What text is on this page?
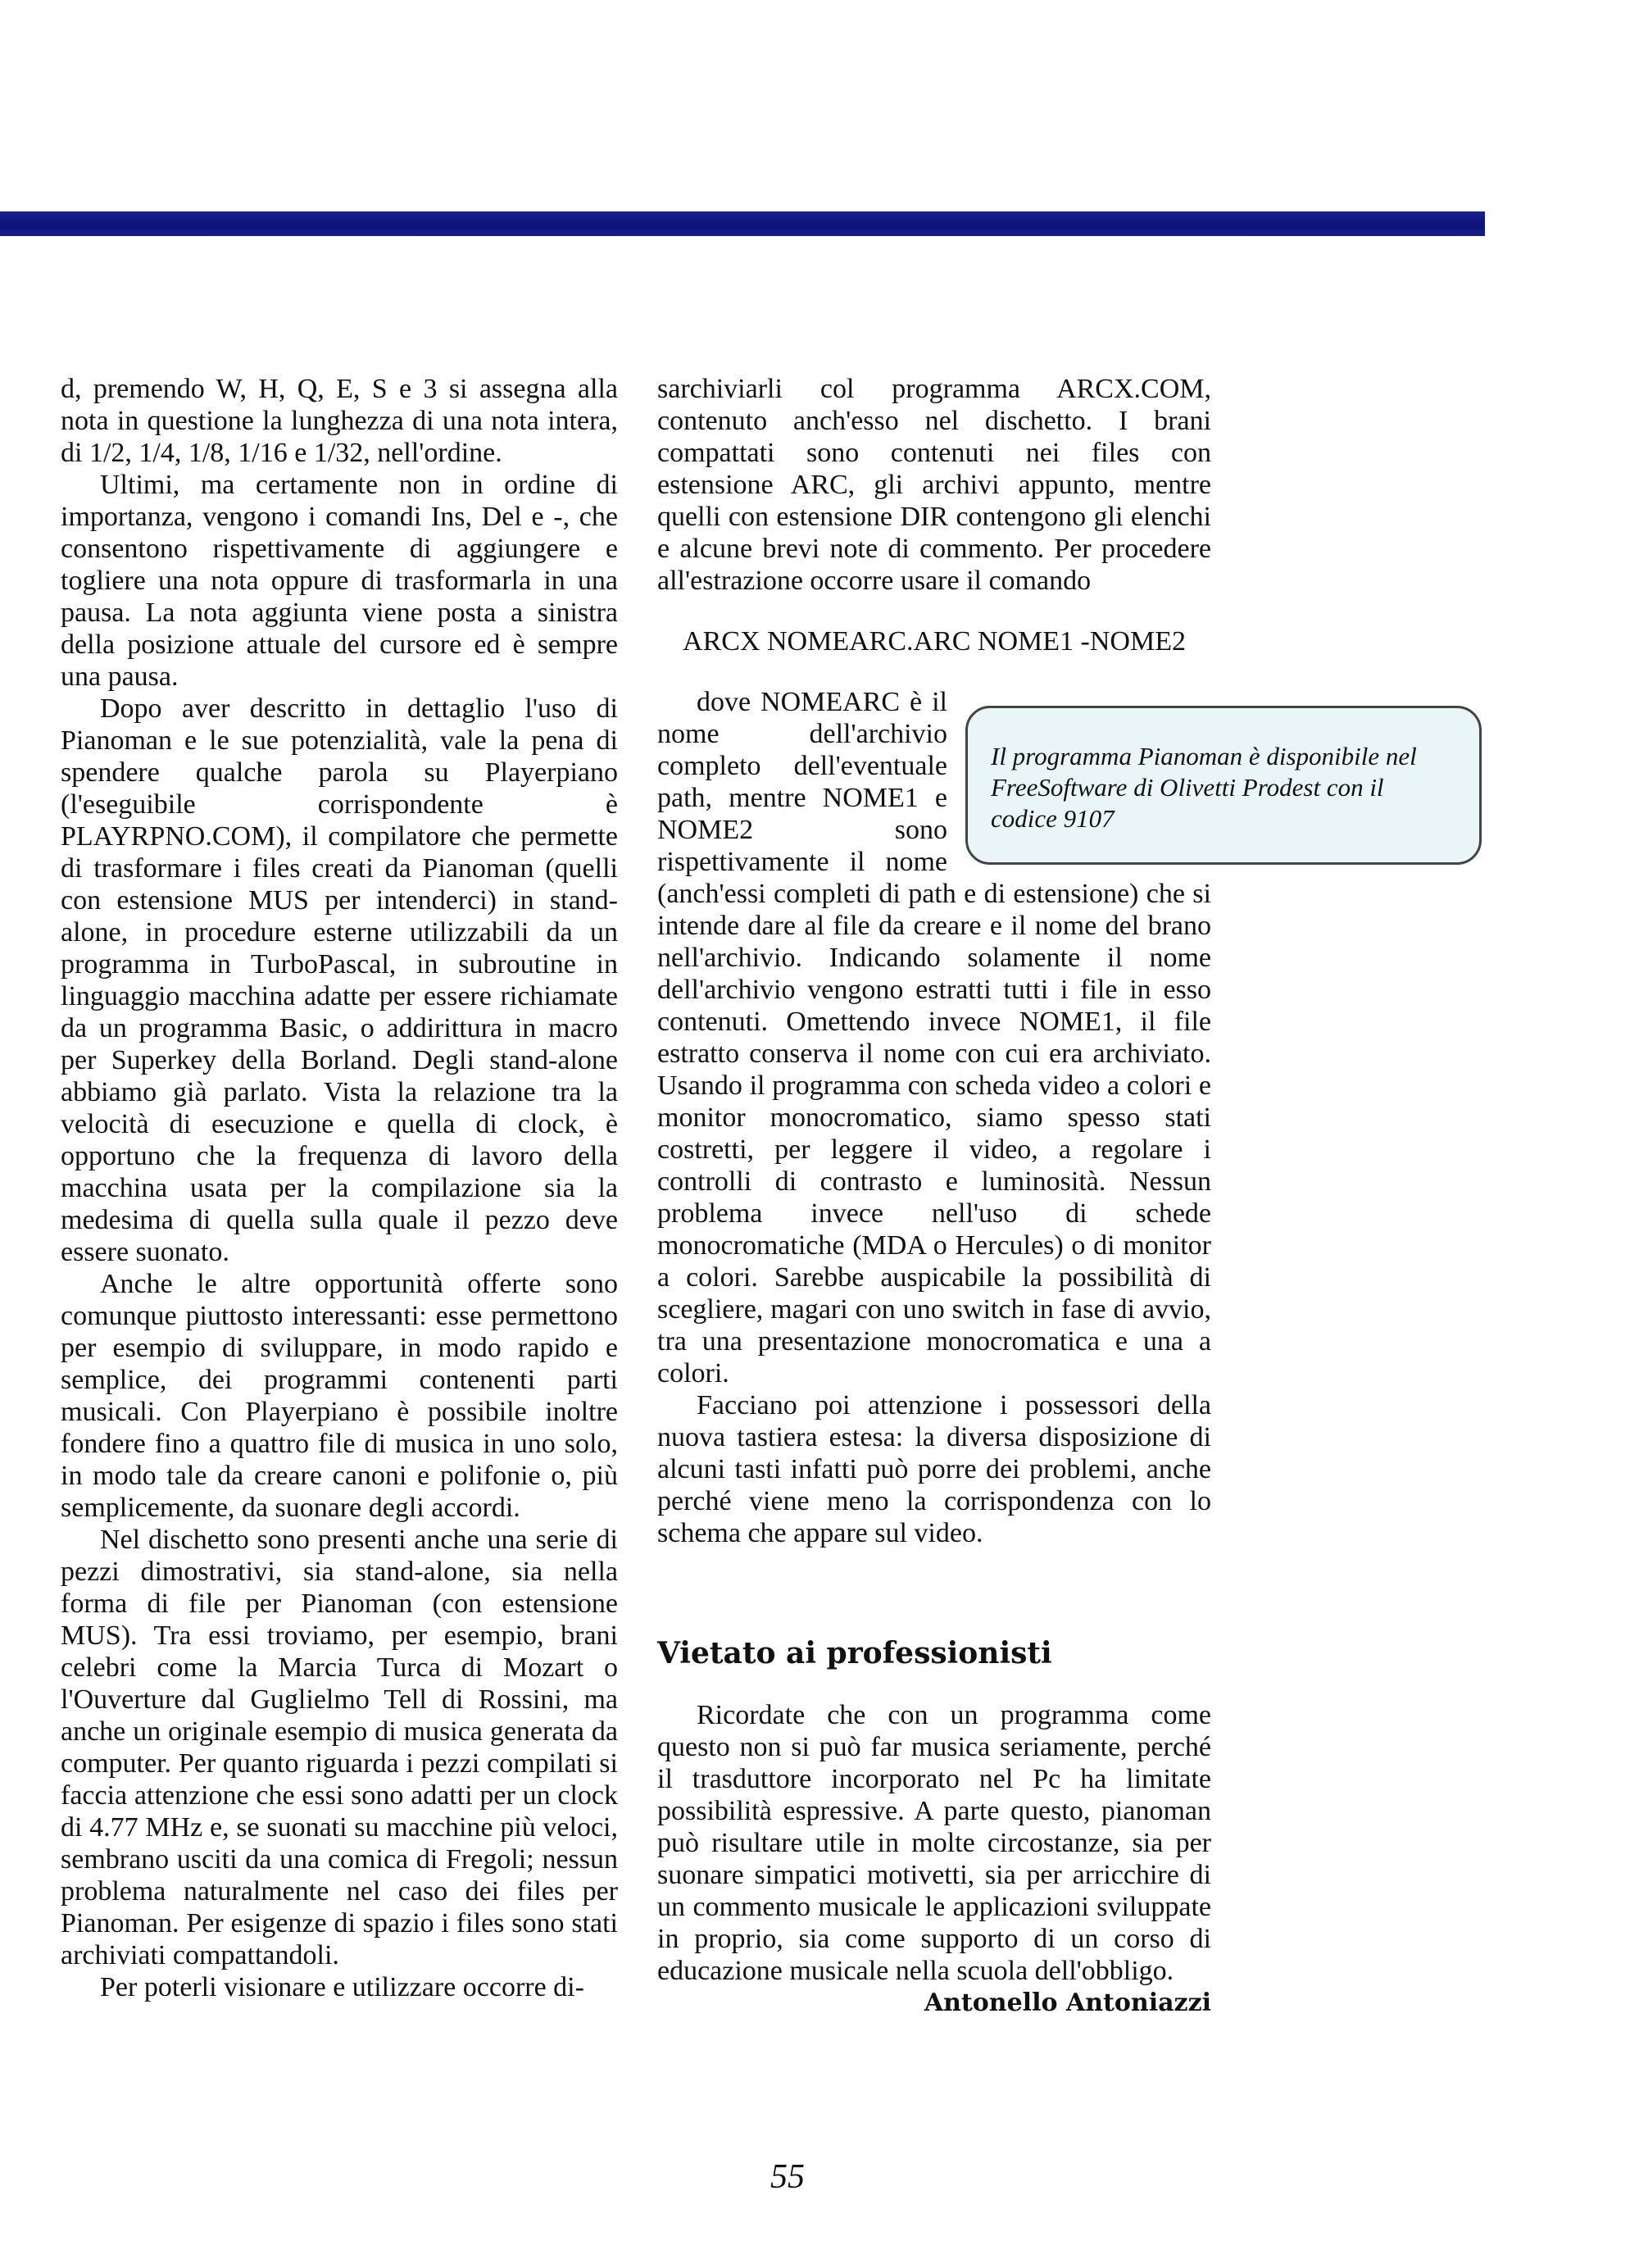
d, premendo W, H, Q, E, S e 3 si assegna alla nota in questione la lunghezza di una nota intera, di 1/2, 1/4, 1/8, 1/16 e 1/32, nell'ordine.

Ultimi, ma certamente non in ordine di importanza, vengono i comandi Ins, Del e -, che consentono rispettivamente di aggiungere e togliere una nota oppure di trasformarla in una pausa. La nota aggiunta viene posta a sinistra della posizione attuale del cursore ed è sempre una pausa.

Dopo aver descritto in dettaglio l'uso di Pianoman e le sue potenzialità, vale la pena di spendere qualche parola su Playerpiano (l'eseguibile corrispondente è PLAYRPNO.COM), il compilatore che permette di trasformare i files creati da Pianoman (quelli con estensione MUS per intenderci) in stand-alone, in procedure esterne utilizzabili da un programma in TurboPascal, in subroutine in linguaggio macchina adatte per essere richiamate da un programma Basic, o addirittura in macro per Superkey della Borland. Degli stand-alone abbiamo già parlato. Vista la relazione tra la velocità di esecuzione e quella di clock, è opportuno che la frequenza di lavoro della macchina usata per la compilazione sia la medesima di quella sulla quale il pezzo deve essere suonato.

Anche le altre opportunità offerte sono comunque piuttosto interessanti: esse permettono per esempio di sviluppare, in modo rapido e semplice, dei programmi contenenti parti musicali. Con Playerpiano è possibile inoltre fondere fino a quattro file di musica in uno solo, in modo tale da creare canoni e polifonie o, più semplicemente, da suonare degli accordi.

Nel dischetto sono presenti anche una serie di pezzi dimostrativi, sia stand-alone, sia nella forma di file per Pianoman (con estensione MUS). Tra essi troviamo, per esempio, brani celebri come la Marcia Turca di Mozart o l'Ouverture dal Guglielmo Tell di Rossini, ma anche un originale esempio di musica generata da computer. Per quanto riguarda i pezzi compilati si faccia attenzione che essi sono adatti per un clock di 4.77 MHz e, se suonati su macchine più veloci, sembrano usciti da una comica di Fregoli; nessun problema naturalmente nel caso dei files per Pianoman. Per esigenze di spazio i files sono stati archiviati compattandoli.

Per poterli visionare e utilizzare occorre di-

sarchiviarli col programma ARCX.COM, contenuto anch'esso nel dischetto. I brani compattati sono contenuti nei files con estensione ARC, gli archivi appunto, mentre quelli con estensione DIR contengono gli elenchi e alcune brevi note di commento. Per procedere all'estrazione occorre usare il comando

ARCX NOMEARC.ARC NOME1 -NOME2

Il programma Pianoman è disponibile nel FreeSoftware di Olivetti Prodest con il codice 9107

dove NOMEARC è il nome dell'archivio completo dell'eventuale path, mentre NOME1 e NOME2 sono rispettivamente il nome (anch'essi completi di path e di estensione) che si intende dare al file da creare e il nome del brano nell'archivio. Indicando solamente il nome dell'archivio vengono estratti tutti i file in esso contenuti. Omettendo invece NOME1, il file estratto conserva il nome con cui era archiviato. Usando il programma con scheda video a colori e monitor monocromatico, siamo spesso stati costretti, per leggere il video, a regolare i controlli di contrasto e luminosità. Nessun problema invece nell'uso di schede monocromatiche (MDA o Hercules) o di monitor a colori. Sarebbe auspicabile la possibilità di scegliere, magari con uno switch in fase di avvio, tra una presentazione monocromatica e una a colori.

Facciano poi attenzione i possessori della nuova tastiera estesa: la diversa disposizione di alcuni tasti infatti può porre dei problemi, anche perché viene meno la corrispondenza con lo schema che appare sul video.

Vietato ai professionisti

Ricordate che con un programma come questo non si può far musica seriamente, perché il trasduttore incorporato nel Pc ha limitate possibilità espressive. A parte questo, pianoman può risultare utile in molte circostanze, sia per suonare simpatici motivetti, sia per arricchire di un commento musicale le applicazioni sviluppate in proprio, sia come supporto di un corso di educazione musicale nella scuola dell'obbligo.

Antonello Antoniazzi

55
